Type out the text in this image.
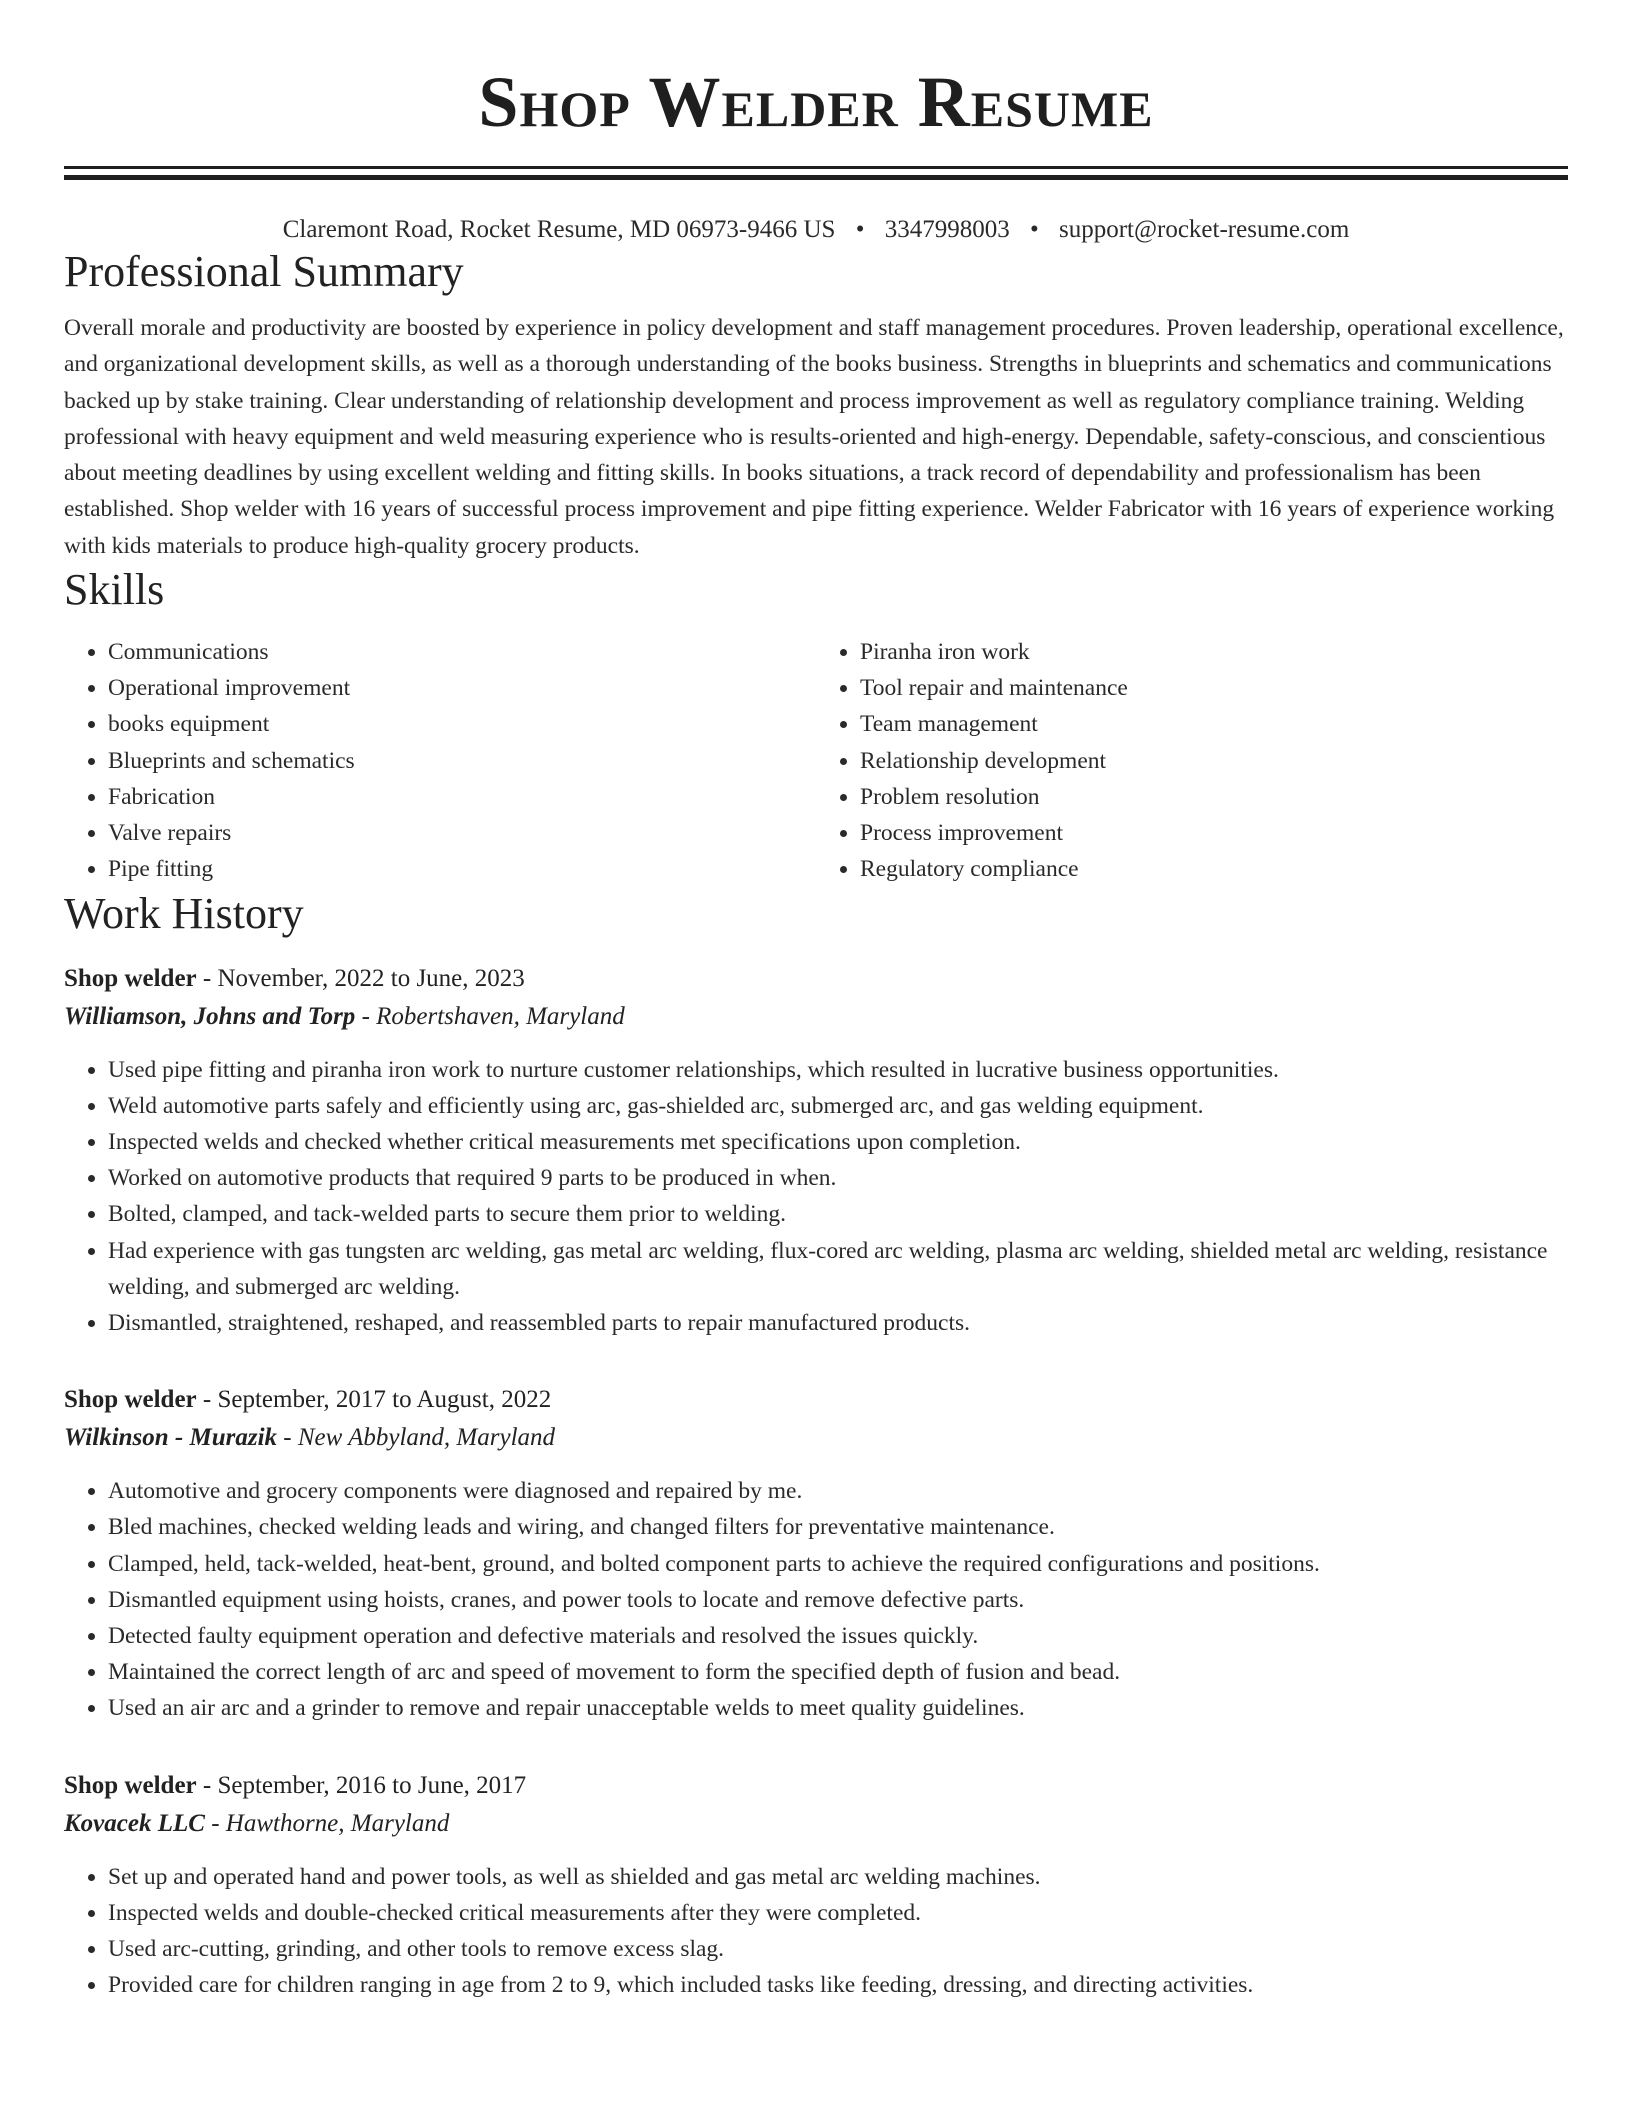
Shop Welder Resume
Claremont Road, Rocket Resume, MD 06973-9466 US • 3347998003 • support@rocket-resume.com
Professional Summary

Overall morale and productivity are boosted by experience in policy development and staff management procedures. Proven leadership, operational excellence, and organizational development skills, as well as a thorough understanding of the books business. Strengths in blueprints and schematics and communications backed up by stake training. Clear understanding of relationship development and process improvement as well as regulatory compliance training. Welding professional with heavy equipment and weld measuring experience who is results-oriented and high-energy. Dependable, safety-conscious, and conscientious about meeting deadlines by using excellent welding and fitting skills. In books situations, a track record of dependability and professionalism has been established. Shop welder with 16 years of successful process improvement and pipe fitting experience. Welder Fabricator with 16 years of experience working with kids materials to produce high-quality grocery products.

Skills
• Communications
• Operational improvement
• books equipment
• Blueprints and schematics
• Fabrication
• Valve repairs
• Pipe fitting
• Piranha iron work
• Tool repair and maintenance
• Team management
• Relationship development
• Problem resolution
• Process improvement
• Regulatory compliance
Work History
Shop welder - November, 2022 to June, 2023
Williamson, Johns and Torp - Robertshaven, Maryland
• Used pipe fitting and piranha iron work to nurture customer relationships, which resulted in lucrative business opportunities.
• Weld automotive parts safely and efficiently using arc, gas-shielded arc, submerged arc, and gas welding equipment.
• Inspected welds and checked whether critical measurements met specifications upon completion.
• Worked on automotive products that required 9 parts to be produced in when.
• Bolted, clamped, and tack-welded parts to secure them prior to welding.
• Had experience with gas tungsten arc welding, gas metal arc welding, flux-cored arc welding, plasma arc welding, shielded metal arc welding, resistance welding, and submerged arc welding.
• Dismantled, straightened, reshaped, and reassembled parts to repair manufactured products.
Shop welder - September, 2017 to August, 2022
Wilkinson - Murazik - New Abbyland, Maryland
• Automotive and grocery components were diagnosed and repaired by me.
• Bled machines, checked welding leads and wiring, and changed filters for preventative maintenance.
• Clamped, held, tack-welded, heat-bent, ground, and bolted component parts to achieve the required configurations and positions.
• Dismantled equipment using hoists, cranes, and power tools to locate and remove defective parts.
• Detected faulty equipment operation and defective materials and resolved the issues quickly.
• Maintained the correct length of arc and speed of movement to form the specified depth of fusion and bead.
• Used an air arc and a grinder to remove and repair unacceptable welds to meet quality guidelines.
Shop welder - September, 2016 to June, 2017
Kovacek LLC - Hawthorne, Maryland
• Set up and operated hand and power tools, as well as shielded and gas metal arc welding machines.
• Inspected welds and double-checked critical measurements after they were completed.
• Used arc-cutting, grinding, and other tools to remove excess slag.
• Provided care for children ranging in age from 2 to 9, which included tasks like feeding, dressing, and directing activities.
